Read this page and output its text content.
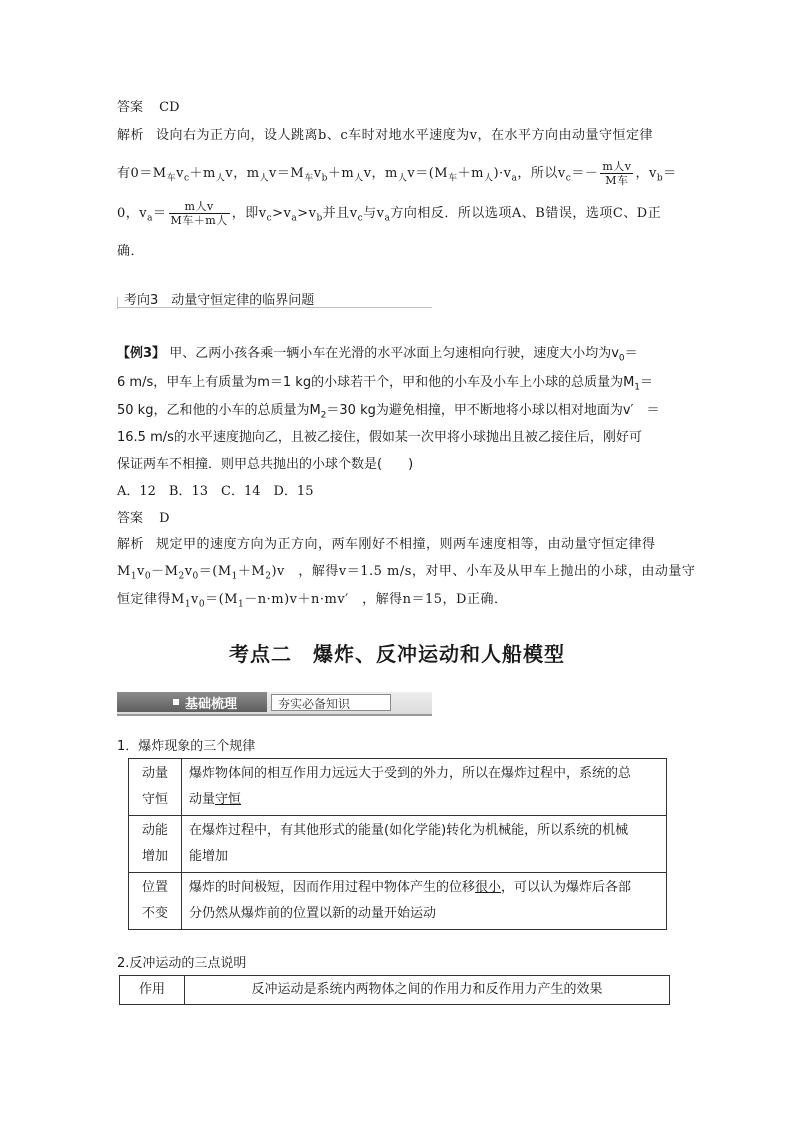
答案 CD
解析 设向右为正方向，设人跳离b、c车时对地水平速度为v，在水平方向由动量守恒定律
有$0=M_车v_c+m_人v$，$m_人v=M_车v_b+m_人v$，$m_人v=(M_车+m_人)\cdot v_a$，所以$v_c=- \frac{\text{m人v}}{\text{M车}}$ ，$v_b=$
0，$v_a= \frac{\text{m人v}}{\text{M车＋m人}}$ ，即$v_c>v_a>v_b$并且$v_c$与$v_a$方向相反．所以选项A、B错误，选项C、D正
确．
考向3　动量守恒定律的临界问题
【例3】 甲、乙两小孩各乘一辆小车在光滑的水平冰面上匀速相向行驶，速度大小均为$v_0=$
6 m/s，甲车上有质量为m＝1 kg的小球若干个，甲和他的小车及小车上小球的总质量为$M_1=$
50 kg，乙和他的小车的总质量为$M_2=30$ kg为避免相撞，甲不断地将小球以相对地面为v′　＝
16.5 m/s的水平速度抛向乙，且被乙接住，假如某一次甲将小球抛出且被乙接住后，刚好可
保证两车不相撞．则甲总共抛出的小球个数是(　　)
A．12　B．13　C．14　D．15
答案 D
解析 规定甲的速度方向为正方向，两车刚好不相撞，则两车速度相等，由动量守恒定律得
$M_1v_0-M_2v_0=(M_1+M_2)v$　，解得v＝1.5 m/s，对甲、小车及从甲车上抛出的小球，由动量守
恒定律得$M_1v_0=(M_1-n\cdot m)v+n\cdot mv'$　，解得n＝15，D正确．
考点二　爆炸、反冲运动和人船模型
基础梳理	夯实必备知识
1．爆炸现象的三个规律
动量
守恒	爆炸物体间的相互作用力远远大于受到的外力，所以在爆炸过程中，系统的总
动量守恒
动能
增加	在爆炸过程中，有其他形式的能量(如化学能)转化为机械能，所以系统的机械
能增加
位置
不变	爆炸的时间极短，因而作用过程中物体产生的位移很小，可以认为爆炸后各部
分仍然从爆炸前的位置以新的动量开始运动
2.反冲运动的三点说明
作用	反冲运动是系统内两物体之间的作用力和反作用力产生的效果
